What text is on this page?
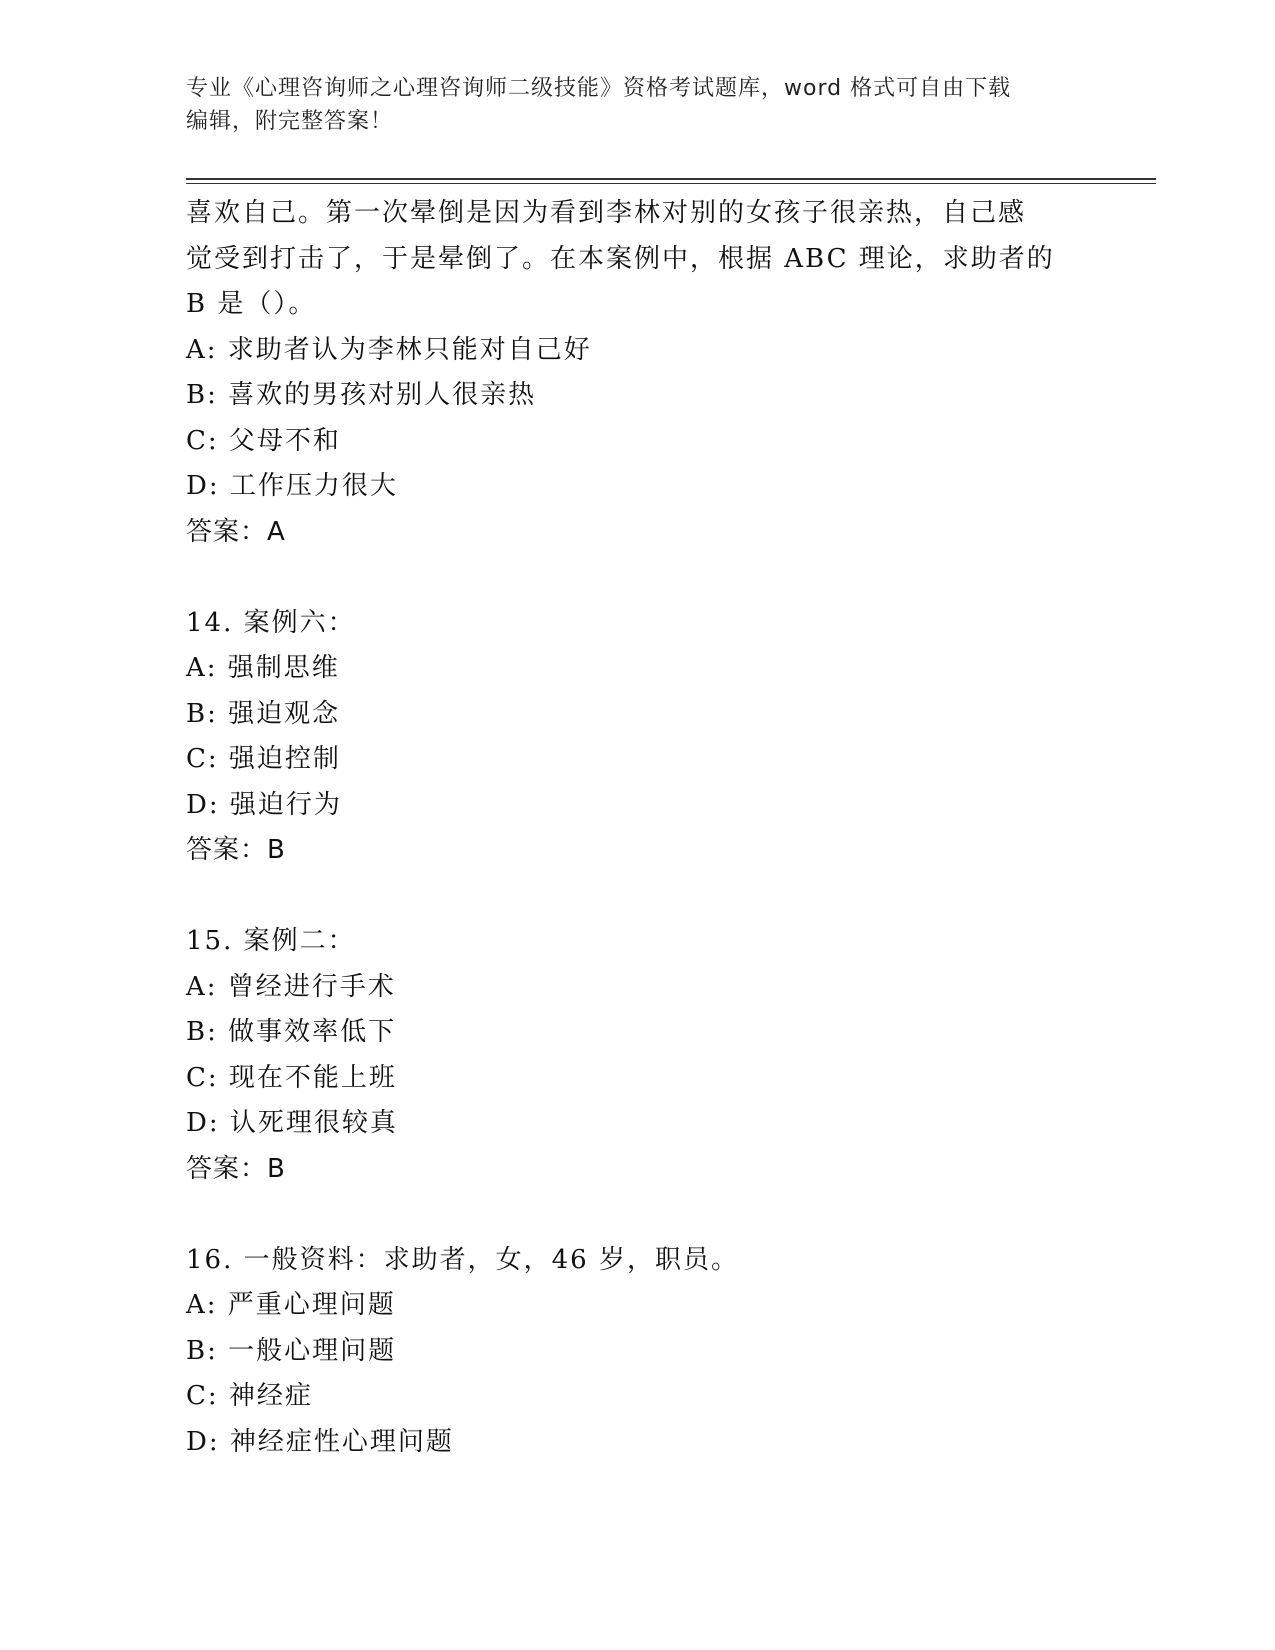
专业《心理咨询师之心理咨询师二级技能》资格考试题库，word 格式可自由下载
编辑，附完整答案！
喜欢自己。第一次晕倒是因为看到李林对别的女孩子很亲热，自己感
觉受到打击了，于是晕倒了。在本案例中，根据 ABC 理论，求助者的
B 是（）。
A: 求助者认为李林只能对自己好
B: 喜欢的男孩对别人很亲热
C: 父母不和
D: 工作压力很大
答案：A
14. 案例六：
A: 强制思维
B: 强迫观念
C: 强迫控制
D: 强迫行为
答案：B
15. 案例二：
A: 曾经进行手术
B: 做事效率低下
C: 现在不能上班
D: 认死理很较真
答案：B
16. 一般资料：求助者，女，46 岁，职员。
A: 严重心理问题
B: 一般心理问题
C: 神经症
D: 神经症性心理问题
